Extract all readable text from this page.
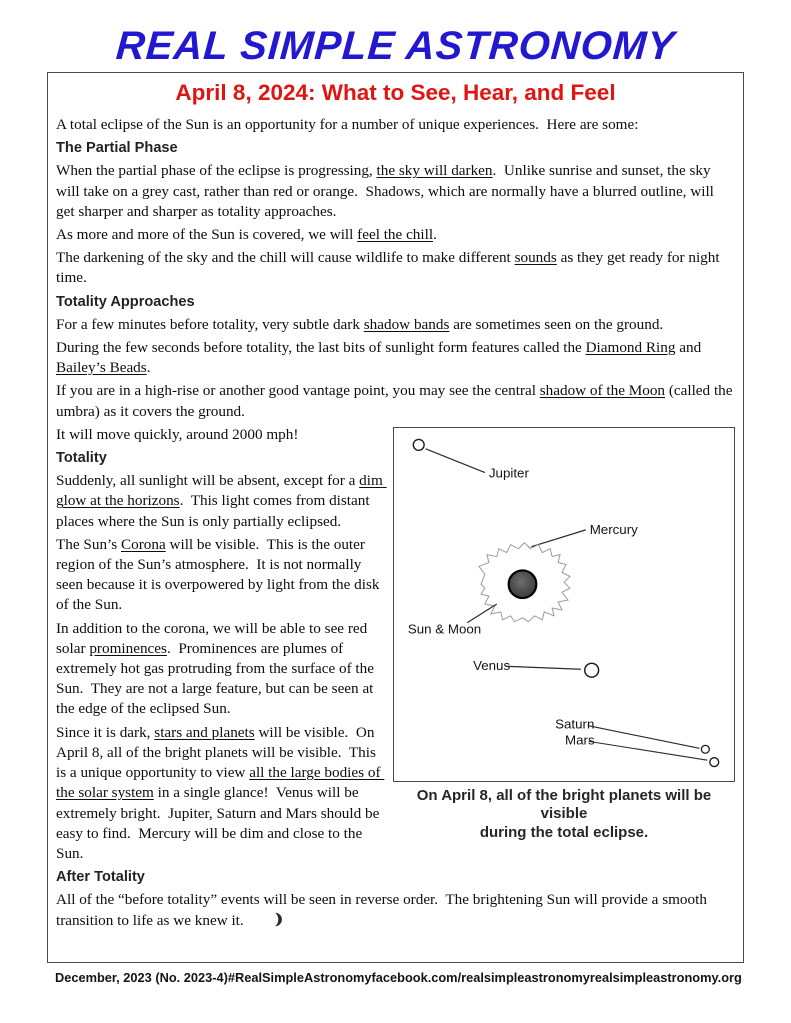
REAL SIMPLE ASTRONOMY
April 8, 2024: What to See, Hear, and Feel

A total eclipse of the Sun is an opportunity for a number of unique experiences.  Here are some:

The Partial Phase

When the partial phase of the eclipse is progressing, the sky will darken.  Unlike sunrise and sunset, the sky will take on a grey cast, rather than red or orange.  Shadows, which are normally have a blurred outline, will get sharper and sharper as totality approaches.

As more and more of the Sun is covered, we will feel the chill.

The darkening of the sky and the chill will cause wildlife to make different sounds as they get ready for night time.

Totality Approaches

For a few minutes before totality, very subtle dark shadow bands are sometimes seen on the ground.

During the few seconds before totality, the last bits of sunlight form features called the Diamond Ring and Bailey’s Beads.

If you are in a high-rise or another good vantage point, you may see the central shadow of the Moon (called the umbra) as it covers the ground.

Jupiter
Mercury
Sun & Moon
Venus
Saturn
Mars
On April 8, all of the bright planets will be visible
during the total eclipse.

It will move quickly, around 2000 mph!

Totality

Suddenly, all sunlight will be absent, except for a dim glow at the horizons.  This light comes from distant places where the Sun is only partially eclipsed.

The Sun’s Corona will be visible.  This is the outer region of the Sun’s atmosphere.  It is not normally seen because it is overpowered by light from the disk of the Sun.

In addition to the corona, we will be able to see red solar prominences.  Prominences are plumes of extremely hot gas protruding from the surface of the Sun.  They are not a large feature, but can be seen at the edge of the eclipsed Sun.

Since it is dark, stars and planets will be visible.  On April 8, all of the bright planets will be visible.  This is a unique opportunity to view all the large bodies of the solar system in a single glance!  Venus will be extremely bright.  Jupiter, Saturn and Mars should be easy to find.  Mercury will be dim and close to the Sun.

After Totality

All of the “before totality” events will be seen in reverse order.  The brightening Sun will provide a smooth transition to life as we knew it.

December, 2023 (No. 2023-4) #RealSimpleAstronomy facebook.com/realsimpleastronomy realsimpleastronomy.org
